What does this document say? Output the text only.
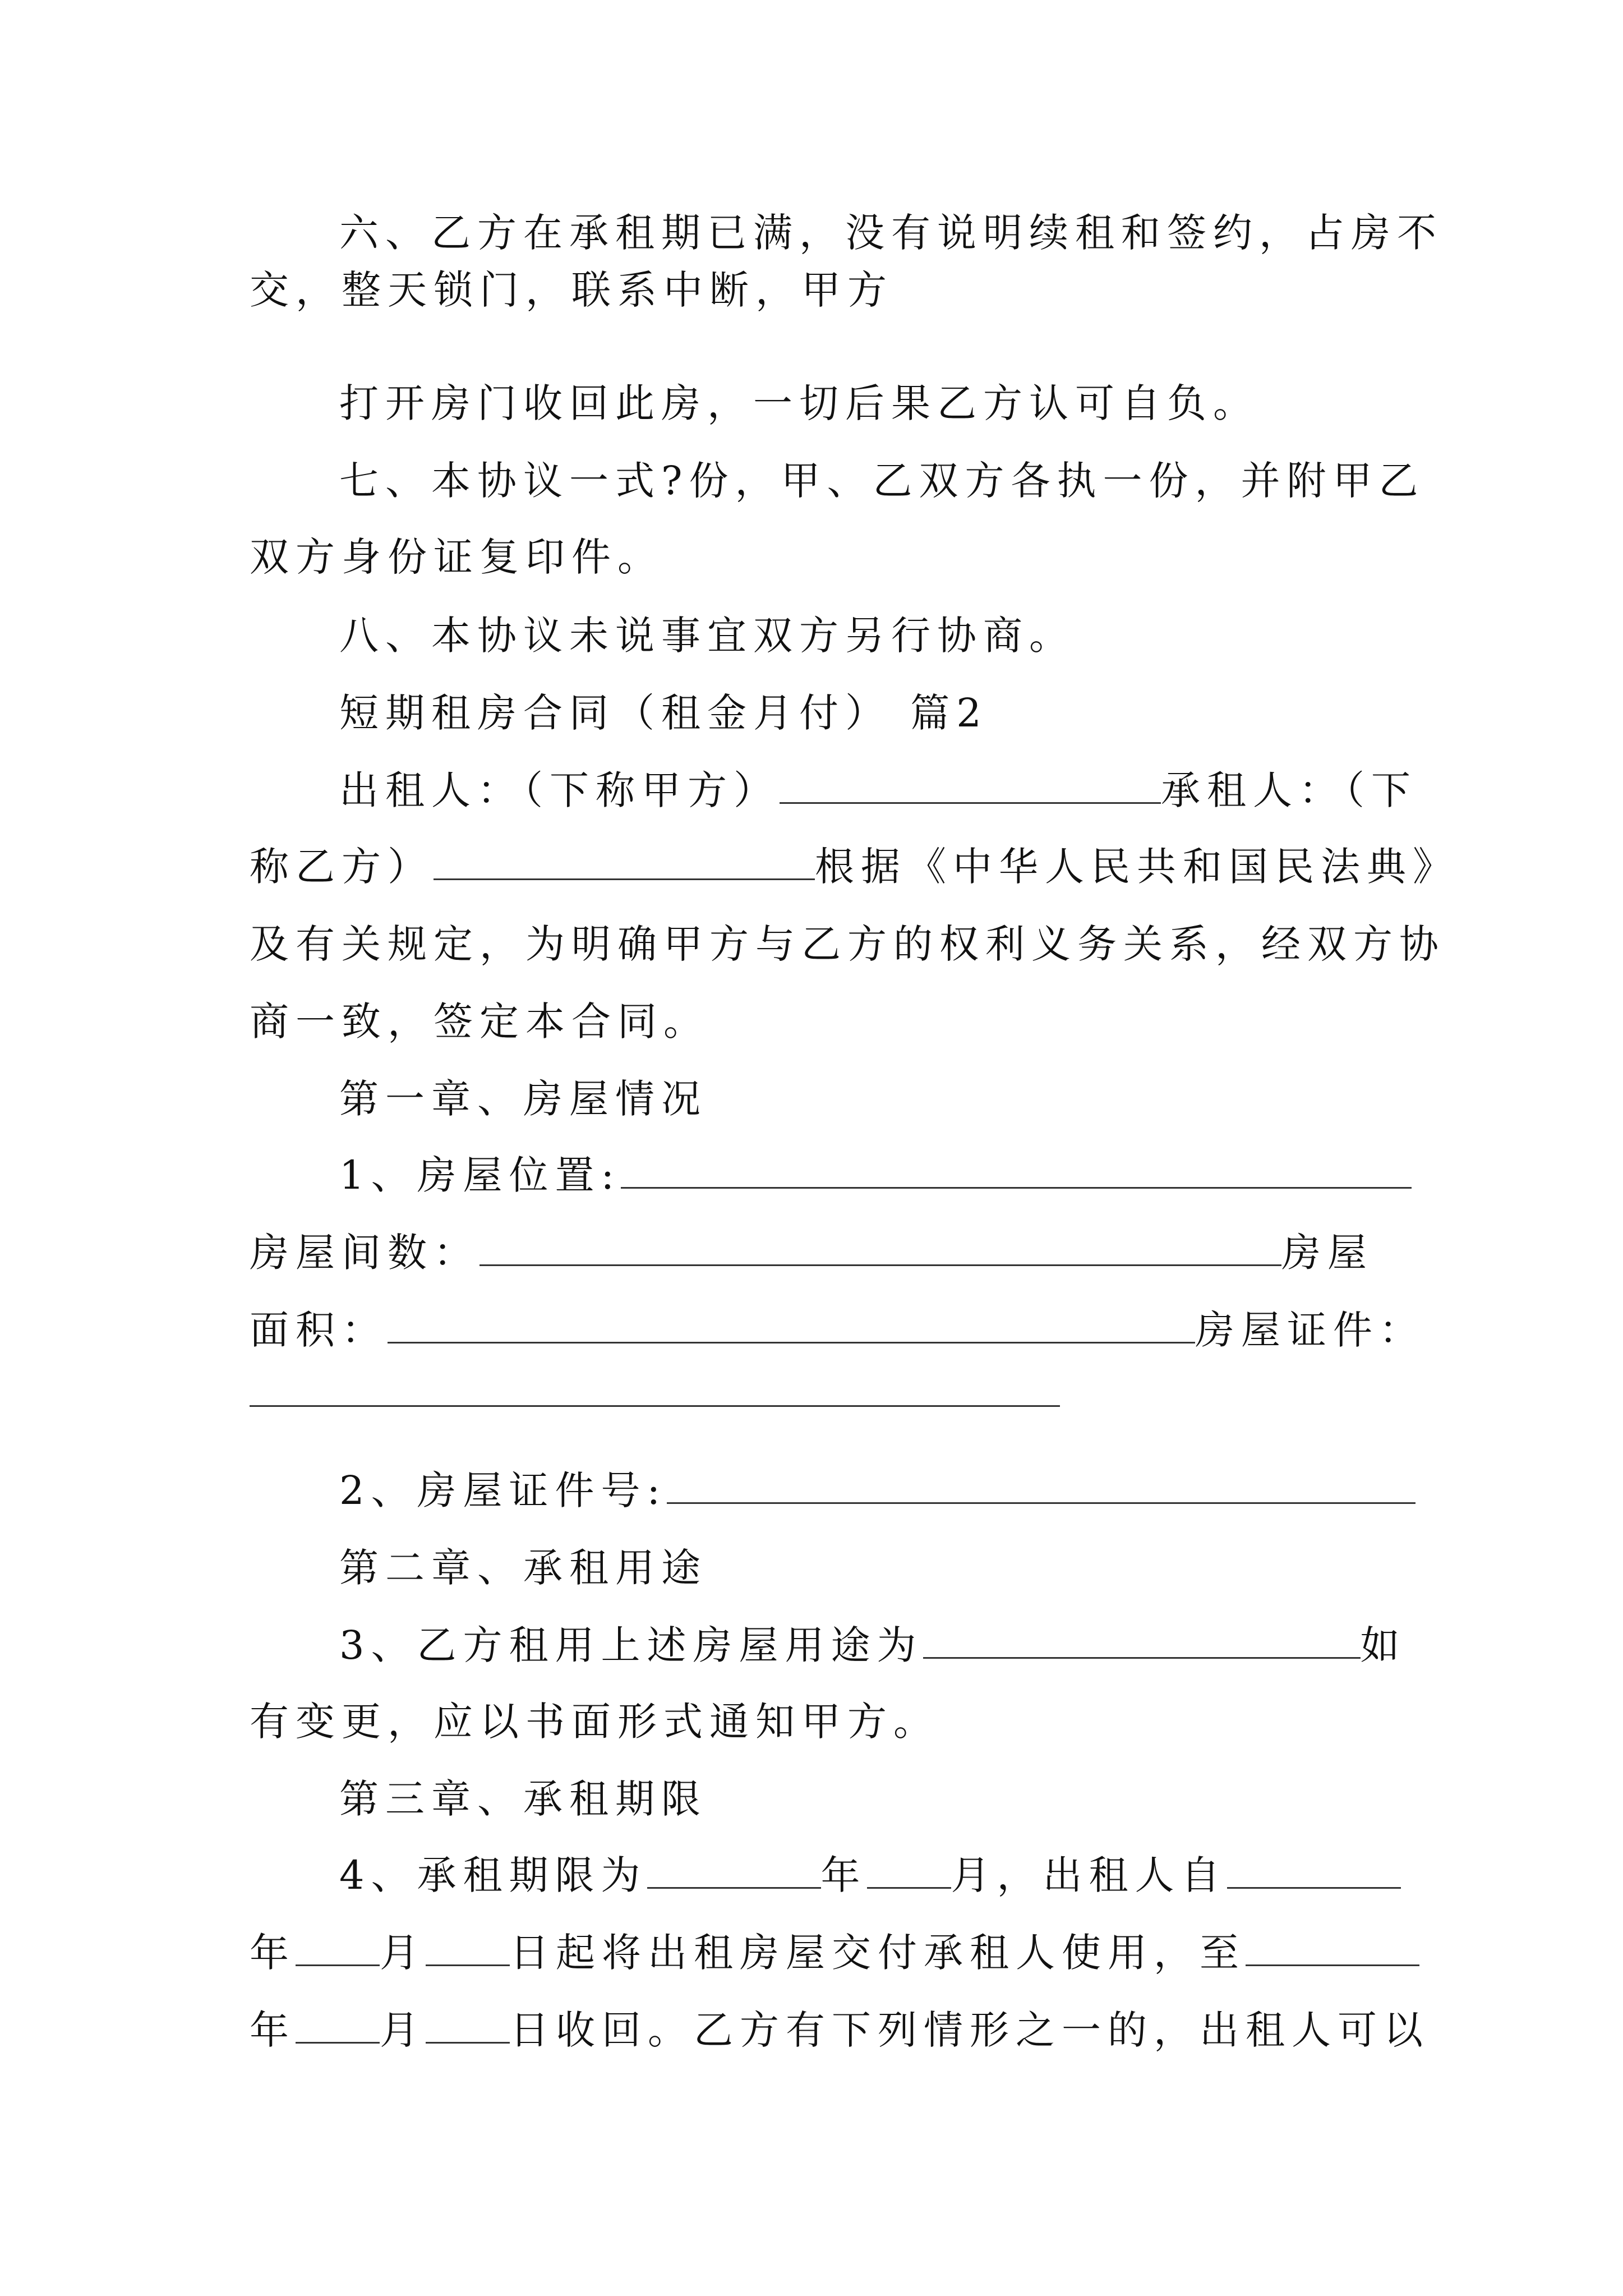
六、乙方在承租期已满，没有说明续租和签约，占房不

交，整天锁门，联系中断，甲方

打开房门收回此房，一切后果乙方认可自负。

七、本协议一式?份，甲、乙双方各执一份，并附甲乙

双方身份证复印件。

八、本协议未说事宜双方另行协商。

短期租房合同（租金月付） 篇2

出租人：（下称甲方）	承租人：（下

称乙方）	根据《中华人民共和国民法典》

及有关规定，为明确甲方与乙方的权利义务关系，经双方协

商一致，签定本合同。

第一章、房屋情况

1、房屋位置:

房屋间数：	房屋

面积：	房屋证件：

2、房屋证件号:

第二章、承租用途

3、乙方租用上述房屋用途为	如

有变更，应以书面形式通知甲方。

第三章、承租期限

4、承租期限为	年 月，出租人自

年 月 日起将出租房屋交付承租人使用，至

年 月 日收回。乙方有下列情形之一的，出租人可以
